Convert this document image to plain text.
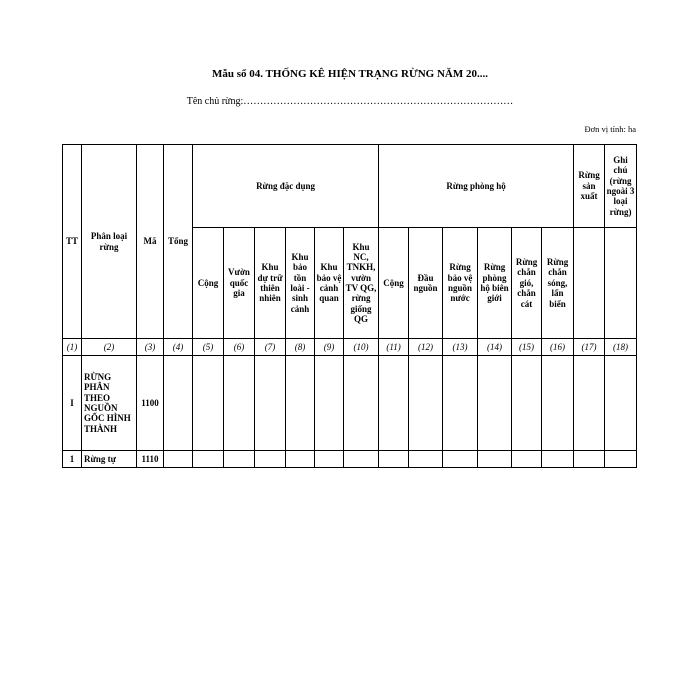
Mẫu số 04. THỐNG KÊ HIỆN TRẠNG RỪNG NĂM 20....
Tên chủ rừng:………………………………………………………………………
Đơn vị tính: ha
TT	Phân loại rừng	Mã	Tổng	Rừng đặc dụng						Rừng phòng hộ						Rừng sản xuất	Ghi chú (rừng ngoài 3 loại rừng)
				Cộng	Vườn quốc gia	Khu dự trữ thiên nhiên	Khu bảo tồn loài - sinh cảnh	Khu bảo vệ cảnh quan	Khu NC, TNKH, vườn TV QG, rừng giống QG	Cộng	Đầu nguồn	Rừng bảo vệ nguồn nước	Rừng phòng hộ biên giới	Rừng chắn gió, chắn cát	Rừng chắn sóng, lấn biển		
(1)	(2)	(3)	(4)	(5)	(6)	(7)	(8)	(9)	(10)	(11)	(12)	(13)	(14)	(15)	(16)	(17)	(18)
I	RỪNG PHÂN THEO NGUỒN GỐC HÌNH THÀNH	1100															
1	Rừng tự	1110															
